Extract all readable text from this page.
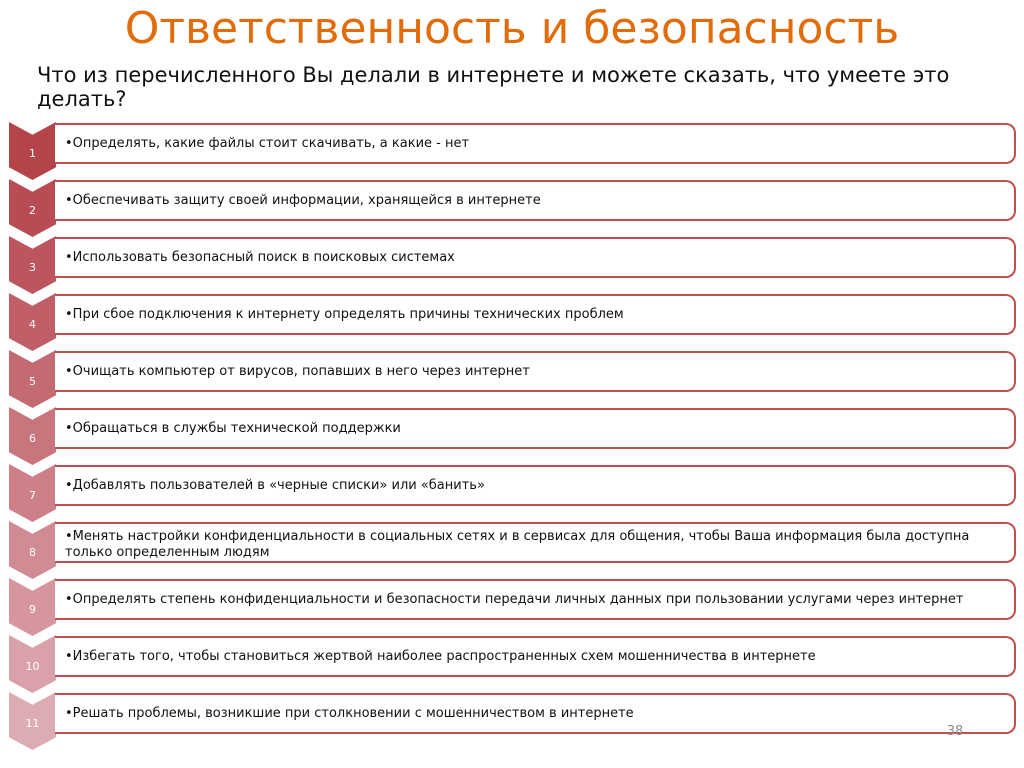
Ответственность и безопасность
Что из перечисленного Вы делали в интернете и можете сказать, что умеете это делать?
1
•Определять, какие файлы стоит скачивать, а какие - нет
2
•Обеспечивать защиту своей информации, хранящейся в интернете
3
•Использовать безопасный поиск в поисковых системах
4
•При сбое подключения к интернету определять причины технических проблем
5
•Очищать компьютер от вирусов, попавших в него через интернет
6
•Обращаться в службы технической поддержки
7
•Добавлять пользователей в «черные списки» или «банить»
8
•Менять настройки конфиденциальности в социальных сетях и в сервисах для общения, чтобы Ваша информация была доступна только определенным людям
9
•Определять степень конфиденциальности и безопасности передачи личных данных при пользовании услугами через интернет
10
•Избегать того, чтобы становиться жертвой наиболее распространенных схем мошенничества в интернете
11
•Решать проблемы, возникшие при столкновении с мошенничеством в интернете
38
